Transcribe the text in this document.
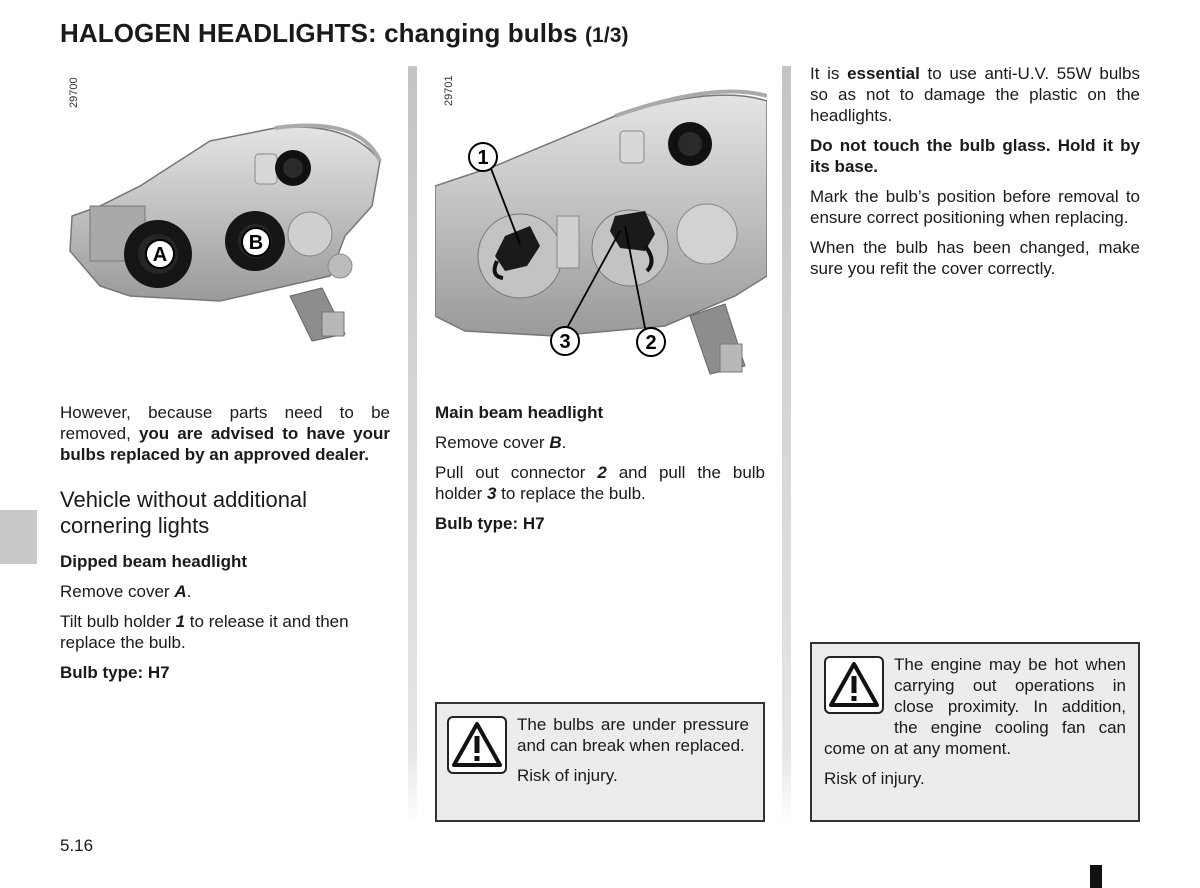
HALOGEN HEADLIGHTS: changing bulbs (1/3)
29700
A
B
29701
1
3	2

However, because parts need to be removed, you are advised to have your bulbs replaced by an approved dealer.

Vehicle without additional cornering lights

Dipped beam headlight

Remove cover A.

Tilt bulb holder 1 to release it and then replace the bulb.

Bulb type: H7

Main beam headlight

Remove cover B.

Pull out connector 2 and pull the bulb holder 3 to replace the bulb.

Bulb type: H7

The bulbs are under pressure and can break when replaced.

Risk of injury.

It is essential to use anti-U.V. 55W bulbs so as not to damage the plastic on the headlights.

Do not touch the bulb glass. Hold it by its base.

Mark the bulb’s position before removal to ensure correct positioning when replacing.

When the bulb has been changed, make sure you refit the cover correctly.

The engine may be hot when carrying out operations in close proximity. In addition, the engine cooling fan can come on at any moment.

Risk of injury.

5.16
